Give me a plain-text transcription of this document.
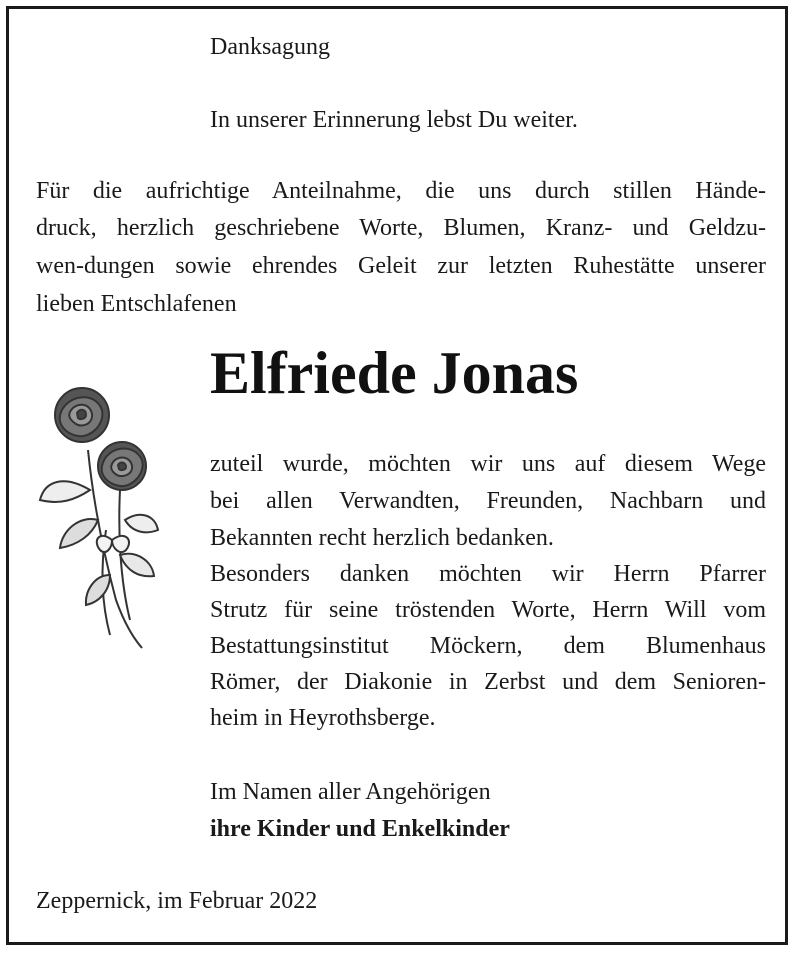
Danksagung
In unserer Erinnerung lebst Du weiter.
Für die aufrichtige Anteilnahme, die uns durch stillen Hände-
druck, herzlich geschriebene Worte, Blumen, Kranz- und Geldzu-
wen-dungen sowie ehrendes Geleit zur letzten Ruhestätte unserer
lieben Entschlafenen
Elfriede Jonas
zuteil wurde, möchten wir uns auf diesem Wege
bei allen Verwandten, Freunden, Nachbarn und
Bekannten recht herzlich bedanken.
Besonders danken möchten wir Herrn Pfarrer
Strutz für seine tröstenden Worte, Herrn Will vom
Bestattungsinstitut Möckern, dem Blumenhaus
Römer, der Diakonie in Zerbst und dem Senioren-
heim in Heyrothsberge.
Im Namen aller Angehörigen
ihre Kinder und Enkelkinder
Zeppernick, im Februar 2022
